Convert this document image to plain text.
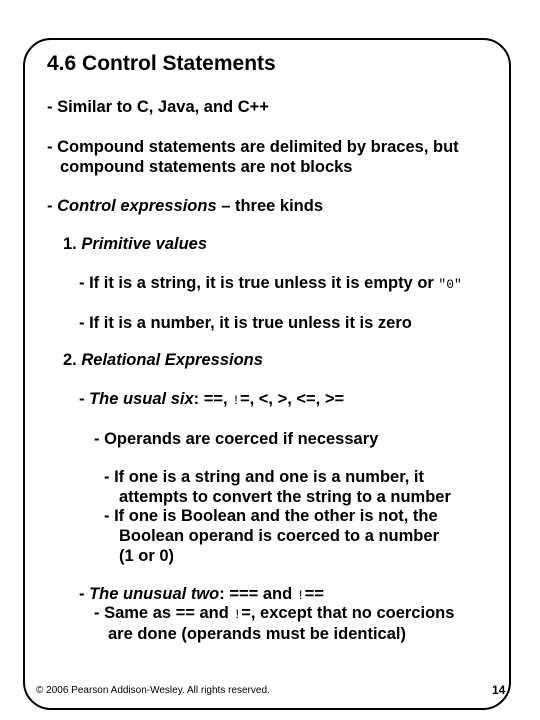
4.6 Control Statements
- Similar to C, Java, and C++
- Compound statements are delimited by braces, but
compound statements are not blocks
- Control expressions – three kinds
1. Primitive values
- If it is a string, it is true unless it is empty or "0"
- If it is a number, it is true unless it is zero
2. Relational Expressions
- The usual six: ==, !=, <, >, <=, >=
- Operands are coerced if necessary
- If one is a string and one is a number, it
attempts to convert the string to a number
- If one is Boolean and the other is not, the
Boolean operand is coerced to a number
(1 or 0)
- The unusual two: === and !==
- Same as == and !=, except that no coercions
are done (operands must be identical)
© 2006 Pearson Addison-Wesley. All rights reserved.	14
